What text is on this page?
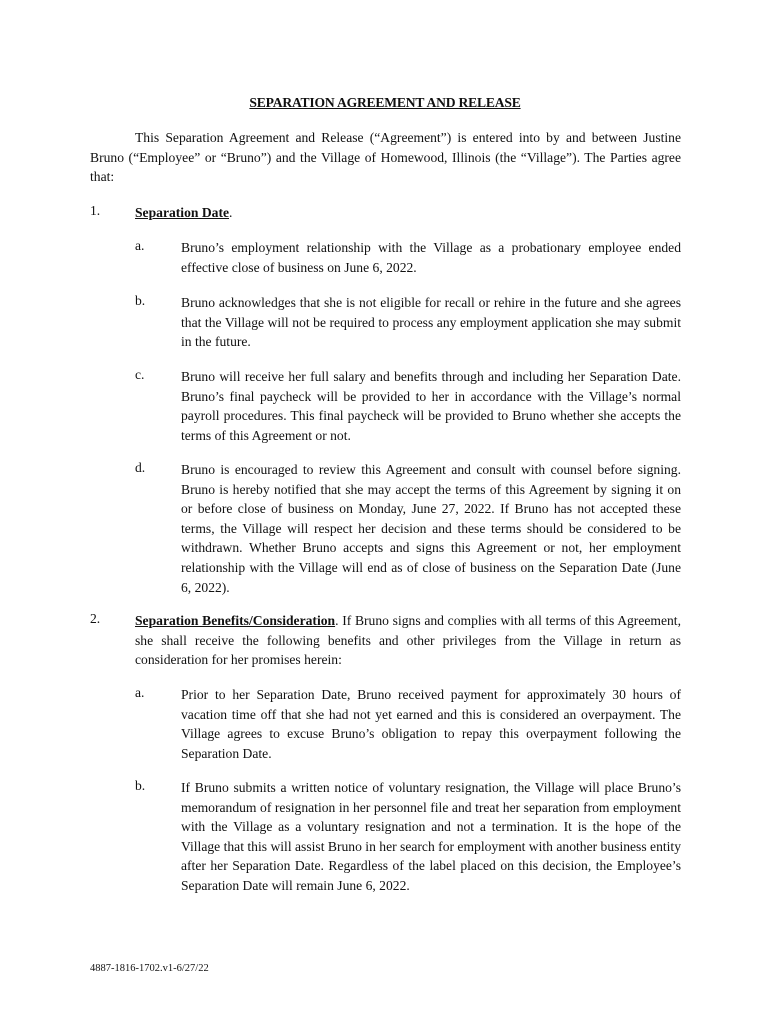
SEPARATION AGREEMENT AND RELEASE

This Separation Agreement and Release (“Agreement”) is entered into by and between Justine Bruno (“Employee” or “Bruno”) and the Village of Homewood, Illinois (the “Village”). The Parties agree that:

1.	Separation Date.

a.	Bruno’s employment relationship with the Village as a probationary employee ended effective close of business on June 6, 2022.

b.	Bruno acknowledges that she is not eligible for recall or rehire in the future and she agrees that the Village will not be required to process any employment application she may submit in the future.

c.	Bruno will receive her full salary and benefits through and including her Separation Date. Bruno’s final paycheck will be provided to her in accordance with the Village’s normal payroll procedures. This final paycheck will be provided to Bruno whether she accepts the terms of this Agreement or not.

d.	Bruno is encouraged to review this Agreement and consult with counsel before signing. Bruno is hereby notified that she may accept the terms of this Agreement by signing it on or before close of business on Monday, June 27, 2022. If Bruno has not accepted these terms, the Village will respect her decision and these terms should be considered to be withdrawn. Whether Bruno accepts and signs this Agreement or not, her employment relationship with the Village will end as of close of business on the Separation Date (June 6, 2022).

2.	Separation Benefits/Consideration. If Bruno signs and complies with all terms of this Agreement, she shall receive the following benefits and other privileges from the Village in return as consideration for her promises herein:

a.	Prior to her Separation Date, Bruno received payment for approximately 30 hours of vacation time off that she had not yet earned and this is considered an overpayment. The Village agrees to excuse Bruno’s obligation to repay this overpayment following the Separation Date.

b.	If Bruno submits a written notice of voluntary resignation, the Village will place Bruno’s memorandum of resignation in her personnel file and treat her separation from employment with the Village as a voluntary resignation and not a termination. It is the hope of the Village that this will assist Bruno in her search for employment with another business entity after her Separation Date. Regardless of the label placed on this decision, the Employee’s Separation Date will remain June 6, 2022.

4887-1816-1702.v1-6/27/22
